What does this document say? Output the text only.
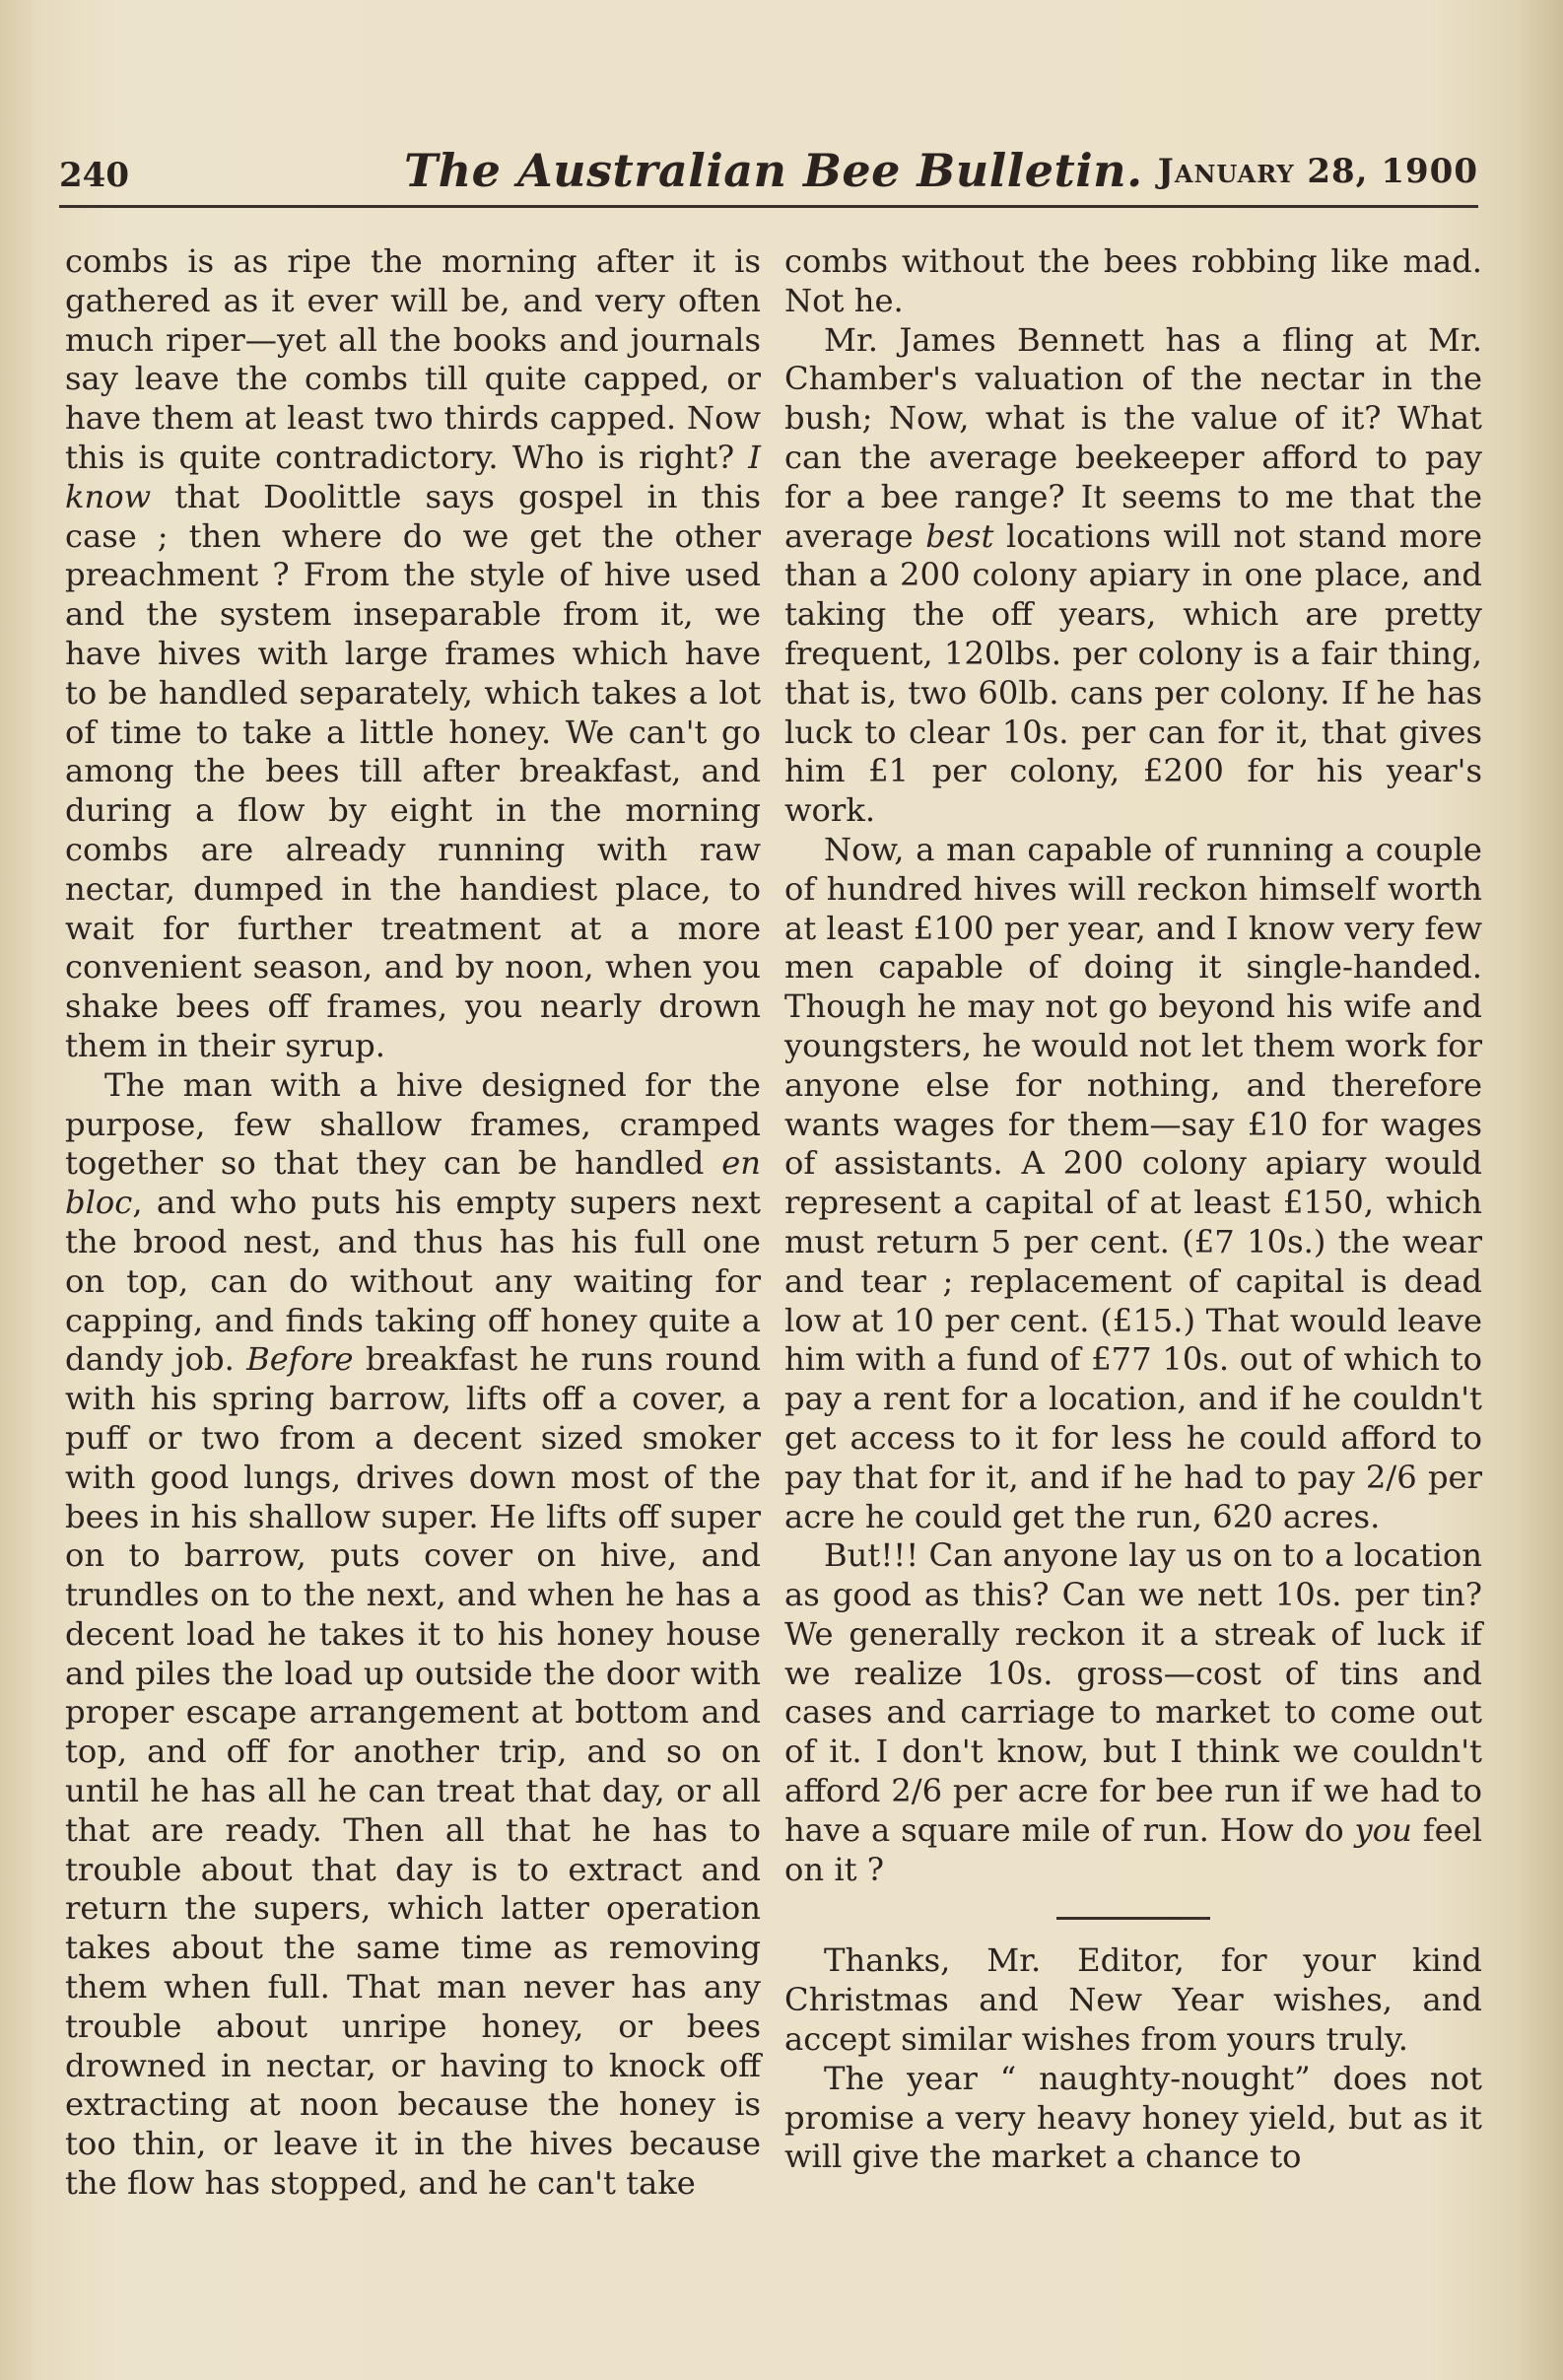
240	The Australian Bee Bulletin. January 28, 1900

combs is as ripe the morning after it is gathered as it ever will be, and very often much riper—yet all the books and journals say leave the combs till quite capped, or have them at least two thirds capped. Now this is quite contradictory. Who is right? I know that Doolittle says gospel in this case ; then where do we get the other preachment ? From the style of hive used and the system inseparable from it, we have hives with large frames which have to be handled separately, which takes a lot of time to take a little honey. We can't go among the bees till after breakfast, and during a flow by eight in the morning combs are already running with raw nectar, dumped in the handiest place, to wait for further treatment at a more convenient season, and by noon, when you shake bees off frames, you nearly drown them in their syrup.

The man with a hive designed for the purpose, few shallow frames, cramped together so that they can be handled en bloc, and who puts his empty supers next the brood nest, and thus has his full one on top, can do without any waiting for capping, and finds taking off honey quite a dandy job. Before breakfast he runs round with his spring barrow, lifts off a cover, a puff or two from a decent sized smoker with good lungs, drives down most of the bees in his shallow super. He lifts off super on to barrow, puts cover on hive, and trundles on to the next, and when he has a decent load he takes it to his honey house and piles the load up outside the door with proper escape arrangement at bottom and top, and off for another trip, and so on until he has all he can treat that day, or all that are ready. Then all that he has to trouble about that day is to extract and return the supers, which latter operation takes about the same time as removing them when full. That man never has any trouble about unripe honey, or bees drowned in nectar, or having to knock off extracting at noon because the honey is too thin, or leave it in the hives because the flow has stopped, and he can't take

combs without the bees robbing like mad. Not he.

Mr. James Bennett has a fling at Mr. Chamber's valuation of the nectar in the bush; Now, what is the value of it? What can the average beekeeper afford to pay for a bee range? It seems to me that the average best locations will not stand more than a 200 colony apiary in one place, and taking the off years, which are pretty frequent, 120lbs. per colony is a fair thing, that is, two 60lb. cans per colony. If he has luck to clear 10s. per can for it, that gives him £1 per colony, £200 for his year's work.

Now, a man capable of running a couple of hundred hives will reckon himself worth at least £100 per year, and I know very few men capable of doing it single-handed. Though he may not go beyond his wife and youngsters, he would not let them work for anyone else for nothing, and therefore wants wages for them—say £10 for wages of assistants. A 200 colony apiary would represent a capital of at least £150, which must return 5 per cent. (£7 10s.) the wear and tear ; replacement of capital is dead low at 10 per cent. (£15.) That would leave him with a fund of £77 10s. out of which to pay a rent for a location, and if he couldn't get access to it for less he could afford to pay that for it, and if he had to pay 2/6 per acre he could get the run, 620 acres.

But!!! Can anyone lay us on to a location as good as this? Can we nett 10s. per tin? We generally reckon it a streak of luck if we realize 10s. gross—cost of tins and cases and carriage to market to come out of it. I don't know, but I think we couldn't afford 2/6 per acre for bee run if we had to have a square mile of run. How do you feel on it ?

Thanks, Mr. Editor, for your kind Christmas and New Year wishes, and accept similar wishes from yours truly.

The year “ naughty-nought” does not promise a very heavy honey yield, but as it will give the market a chance to
